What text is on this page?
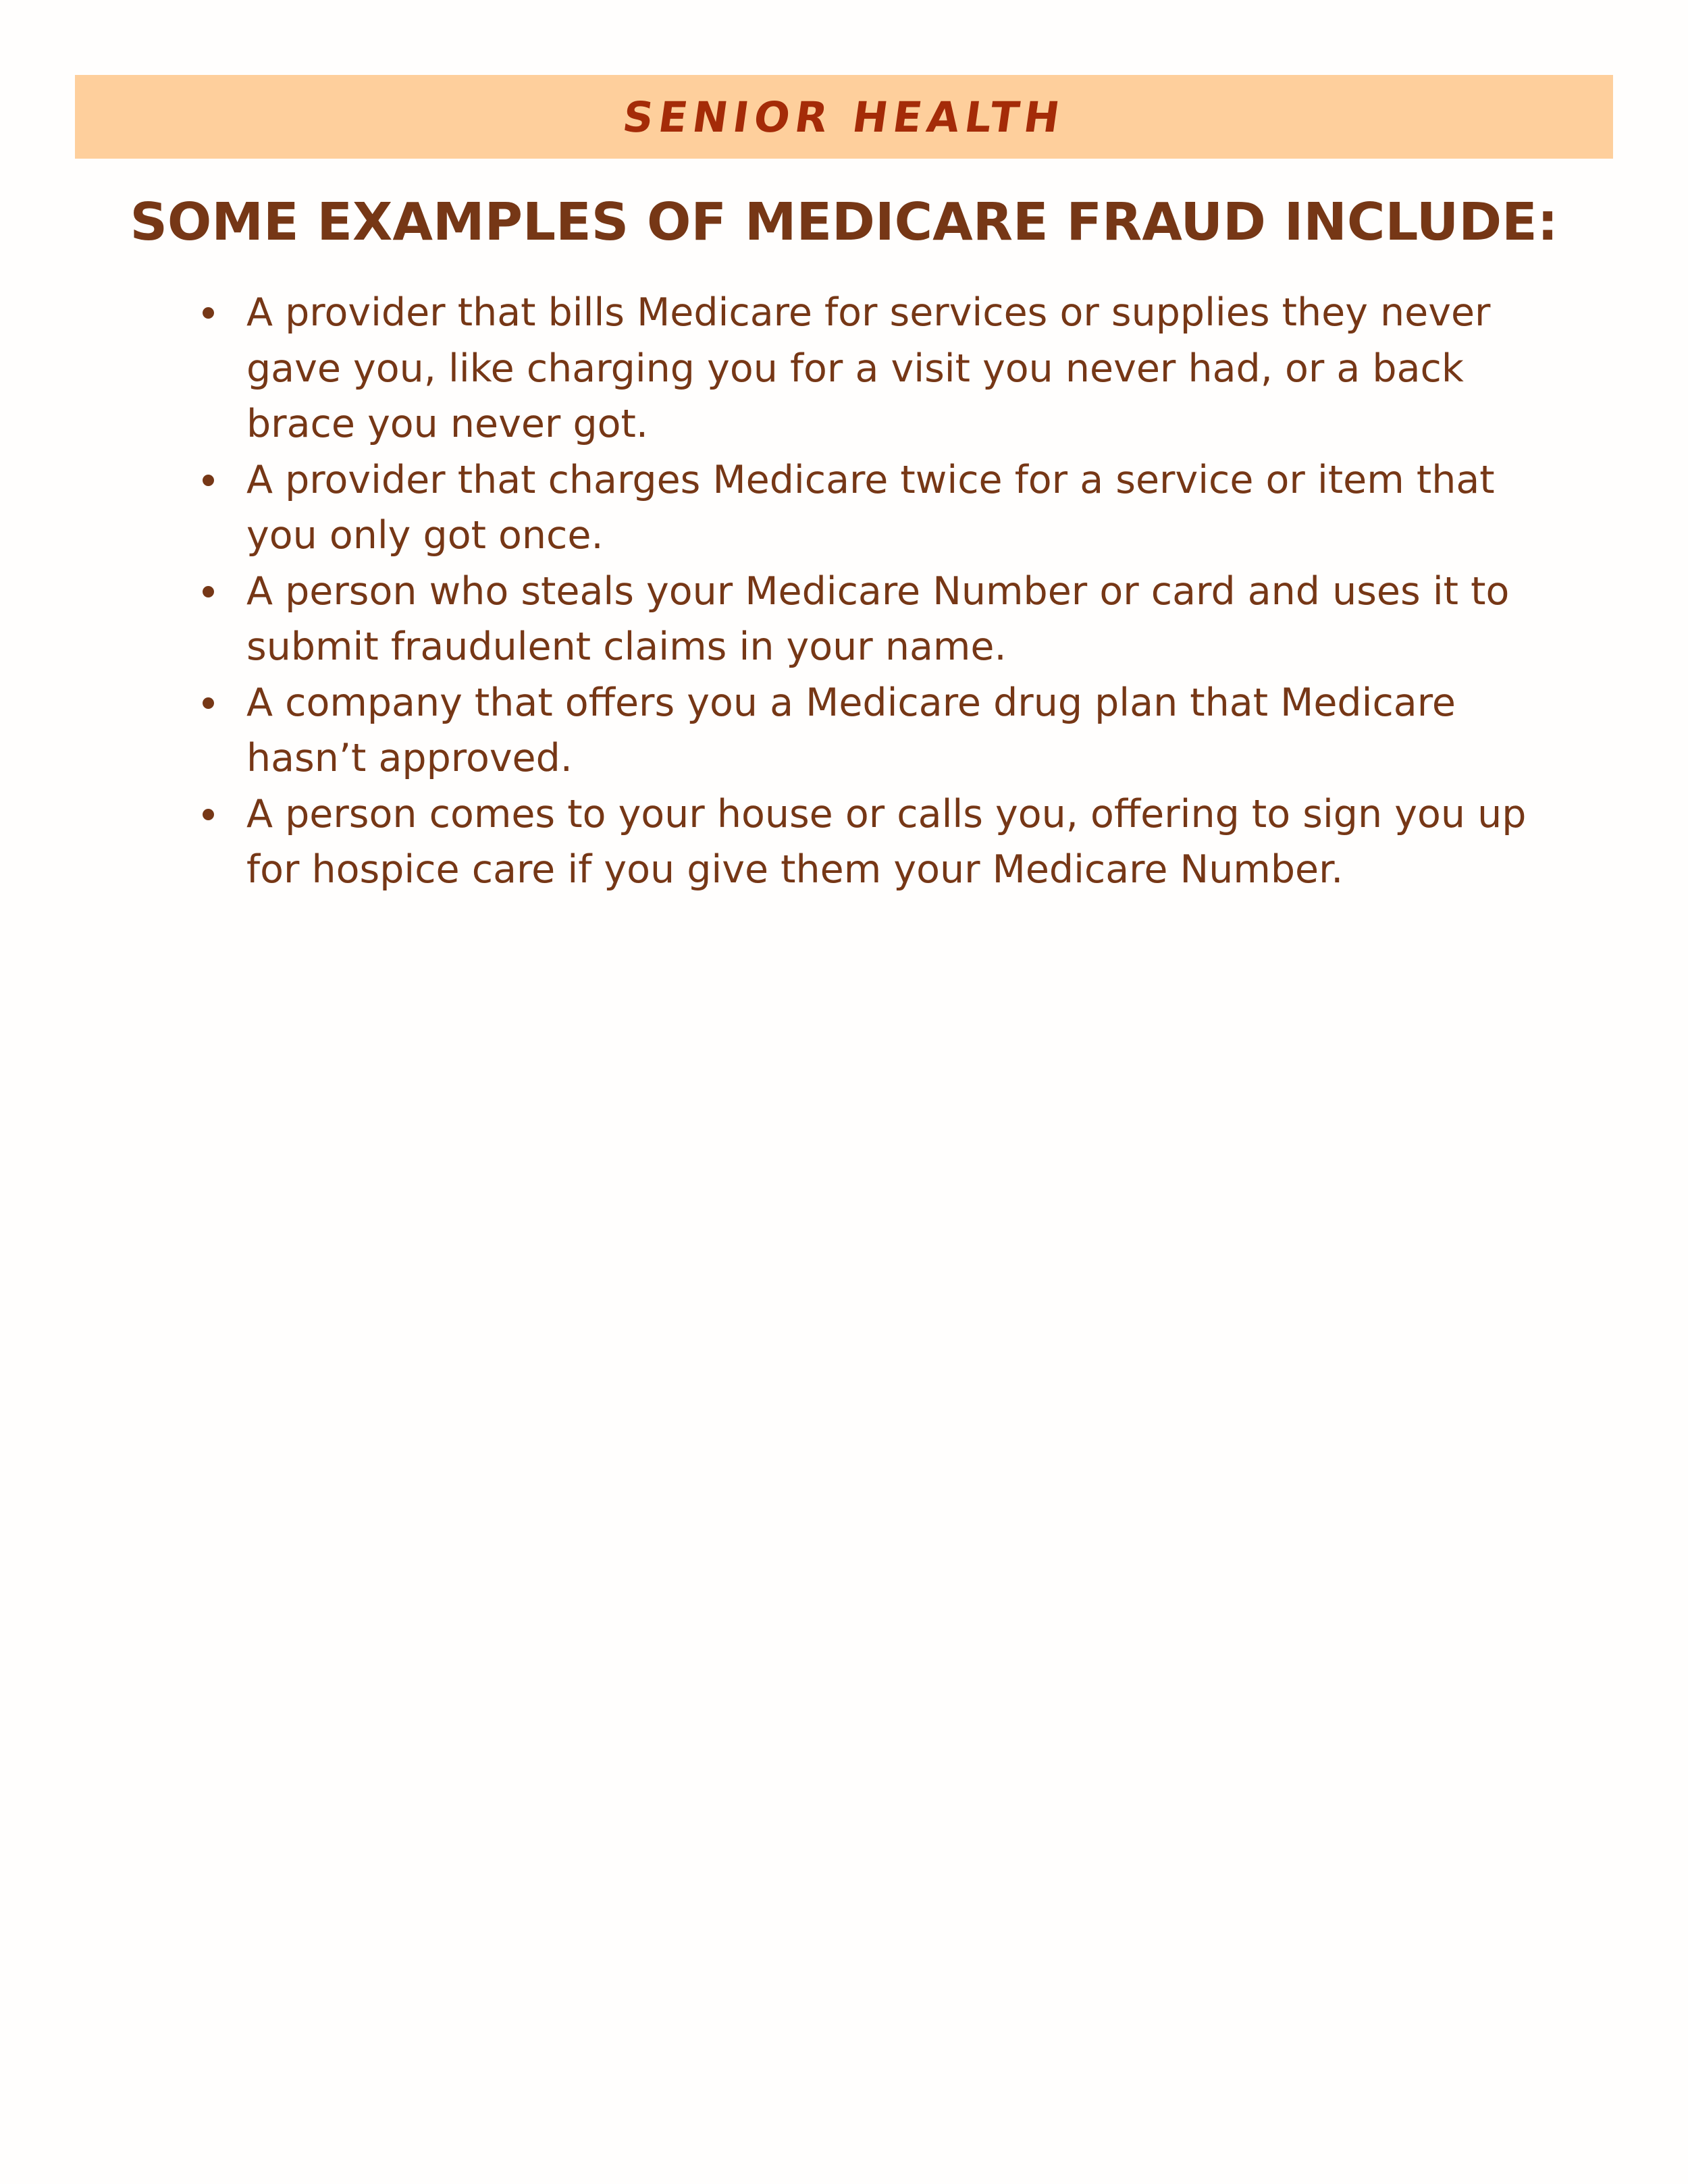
SENIOR HEALTH
SOME EXAMPLES OF MEDICARE FRAUD INCLUDE:
A provider that bills Medicare for services or supplies they never gave you, like charging you for a visit you never had, or a back brace you never got.
A provider that charges Medicare twice for a service or item that you only got once.
A person who steals your Medicare Number or card and uses it to submit fraudulent claims in your name.
A company that offers you a Medicare drug plan that Medicare hasn’t approved.
A person comes to your house or calls you, offering to sign you up for hospice care if you give them your Medicare Number.
